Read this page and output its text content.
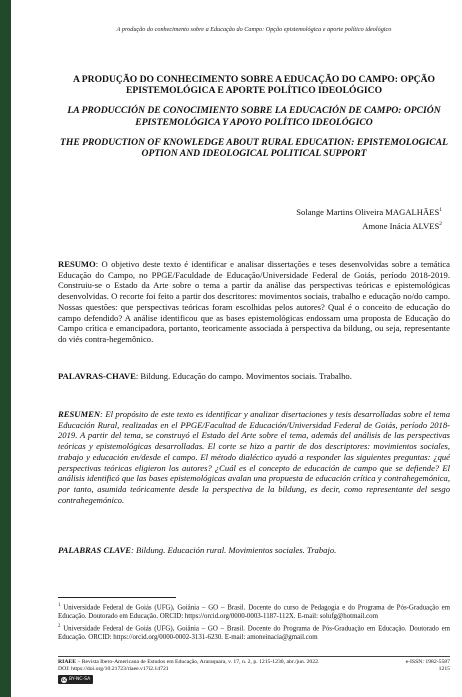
A produção do conhecimento sobre a Educação do Campo: Opção epistemológica e aporte político ideológico

A PRODUÇÃO DO CONHECIMENTO SOBRE A EDUCAÇÃO DO CAMPO: OPÇÃO EPISTEMOLÓGICA E APORTE POLÍTICO IDEOLÓGICO

LA PRODUCCIÓN DE CONOCIMIENTO SOBRE LA EDUCACIÓN DE CAMPO: OPCIÓN EPISTEMOLÓGICA Y APOYO POLÍTICO IDEOLÓGICO

THE PRODUCTION OF KNOWLEDGE ABOUT RURAL EDUCATION: EPISTEMOLOGICAL OPTION AND IDEOLOGICAL POLITICAL SUPPORT

Solange Martins Oliveira MAGALHÃES$^1$
Amone Inácia ALVES$^2$

RESUMO: O objetivo deste texto é identificar e analisar dissertações e teses desenvolvidas sobre a temática Educação do Campo, no PPGE/Faculdade de Educação/Universidade Federal de Goiás, período 2018-2019. Construiu-se o Estado da Arte sobre o tema a partir da análise das perspectivas teóricas e epistemológicas desenvolvidas. O recorte foi feito a partir dos descritores: movimentos sociais, trabalho e educação no/do campo. Nossas questões: que perspectivas teóricas foram escolhidas pelos autores? Qual é o conceito de educação do campo defendido? A análise identificou que as bases epistemológicas endossam uma proposta de Educação do Campo crítica e emancipadora, portanto, teoricamente associada à perspectiva da bildung, ou seja, representante do viés contra-hegemônico.

PALAVRAS-CHAVE: Bildung. Educação do campo. Movimentos sociais. Trabalho.

RESUMEN: El propósito de este texto es identificar y analizar disertaciones y tesis desarrolladas sobre el tema Educación Rural, realizadas en el PPGE/Facultad de Educación/Universidad Federal de Goiás, período 2018-2019. A partir del tema, se construyó el Estado del Arte sobre el tema, además del análisis de las perspectivas teóricas y epistemológicas desarrolladas. El corte se hizo a partir de dos descriptores: movimientos sociales, trabajo y educación en/desde el campo. El método dialéctico ayudó a responder las siguientes preguntas: ¿qué perspectivas teóricas eligieron los autores? ¿Cuál es el concepto de educación de campo que se defiende? El análisis identificó que las bases epistemológicas avalan una propuesta de educación crítica y contrahegemónica, por tanto, asumida teóricamente desde la perspectiva de la bildung, es decir, como representante del sesgo contrahegemónico.

PALABRAS CLAVE: Bildung. Educación rural. Movimientos sociales. Trabajo.

$^1$ Universidade Federal de Goiás (UFG), Goiânia – GO – Brasil. Docente do curso de Pedagogia e do Programa de Pós-Graduação em Educação. Doutorado em Educação. ORCID: https://orcid.org/0000-0003-1187-112X. E-mail: solufg@hotmail.com

$^2$ Universidade Federal de Goiás (UFG), Goiânia – GO – Brasil. Docente do Programa de Pós-Graduação em Educação. Doutorado em Educação. ORCID: https://orcid.org/0000-0002-3131-6230. E-mail: amoneinacia@gmail.com

RIAEE – Revista Ibero-Americana de Estudos em Educação, Araraquara, v. 17, n. 2, p. 1215-1230, abr./jun. 2022.
DOI: https://doi.org/10.21723/riaee.v17i2.14721

cc BY-NC-SA
e-ISSN: 1982-5587
1215
